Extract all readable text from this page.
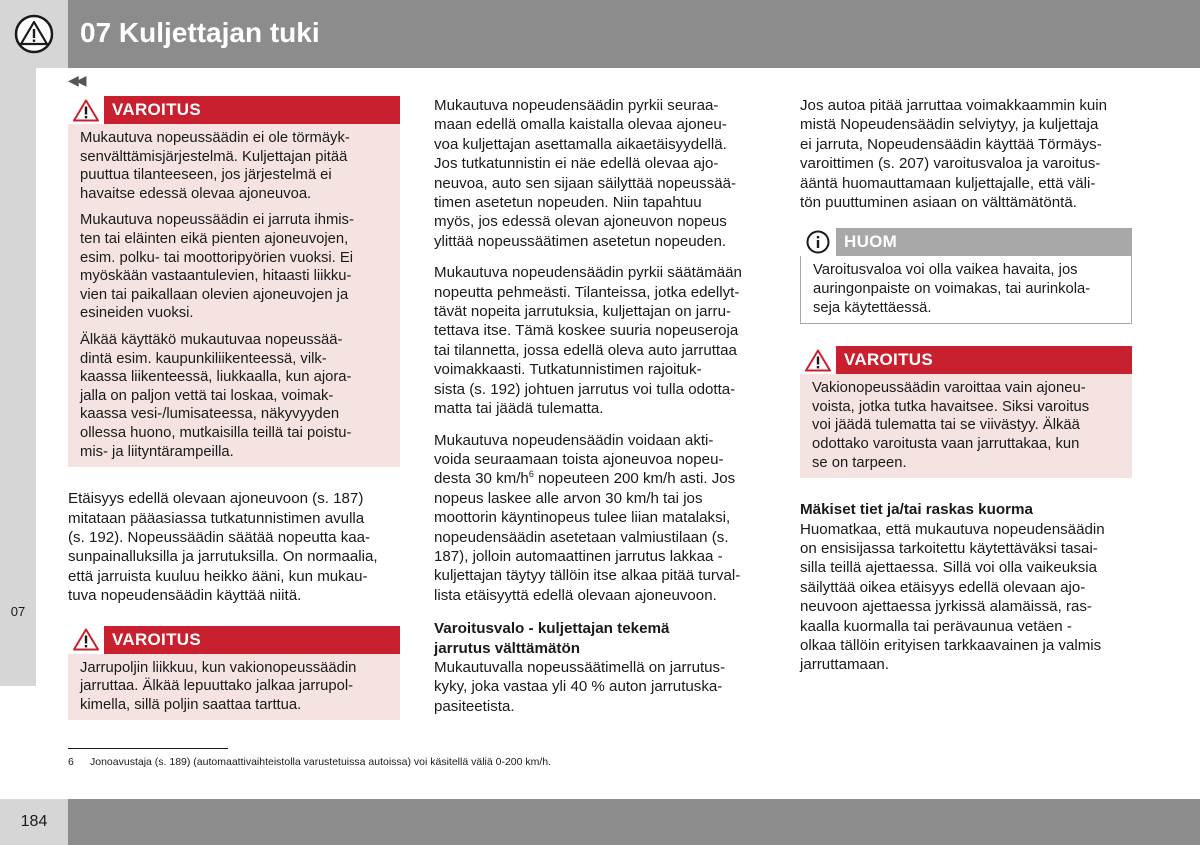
07 Kuljettajan tuki
07
◀◀
VAROITUS

Mukautuva nopeussäädin ei ole törmäyk-
senvälttämisjärjestelmä. Kuljettajan pitää
puuttua tilanteeseen, jos järjestelmä ei
havaitse edessä olevaa ajoneuvoa.

Mukautuva nopeussäädin ei jarruta ihmis-
ten tai eläinten eikä pienten ajoneuvojen,
esim. polku- tai moottoripyörien vuoksi. Ei
myöskään vastaantulevien, hitaasti liikku-
vien tai paikallaan olevien ajoneuvojen ja
esineiden vuoksi.

Älkää käyttäkö mukautuvaa nopeussää-
dintä esim. kaupunkiliikenteessä, vilk-
kaassa liikenteessä, liukkaalla, kun ajora-
jalla on paljon vettä tai loskaa, voimak-
kaassa vesi-/lumisateessa, näkyvyyden
ollessa huono, mutkaisilla teillä tai poistu-
mis- ja liityntärampeilla.

Etäisyys edellä olevaan ajoneuvoon (s. 187)
mitataan pääasiassa tutkatunnistimen avulla
(s. 192). Nopeussäädin säätää nopeutta kaa-
sunpainalluksilla ja jarrutuksilla. On normaalia,
että jarruista kuuluu heikko ääni, kun mukau-
tuva nopeudensäädin käyttää niitä.

VAROITUS

Jarrupoljin liikkuu, kun vakionopeussäädin
jarruttaa. Älkää lepuuttako jalkaa jarrupol-
kimella, sillä poljin saattaa tarttua.

Mukautuva nopeudensäädin pyrkii seuraa-
maan edellä omalla kaistalla olevaa ajoneu-
voa kuljettajan asettamalla aikaetäisyydellä.
Jos tutkatunnistin ei näe edellä olevaa ajo-
neuvoa, auto sen sijaan säilyttää nopeussää-
timen asetetun nopeuden. Niin tapahtuu
myös, jos edessä olevan ajoneuvon nopeus
ylittää nopeussäätimen asetetun nopeuden.

Mukautuva nopeudensäädin pyrkii säätämään
nopeutta pehmeästi. Tilanteissa, jotka edellyt-
tävät nopeita jarrutuksia, kuljettajan on jarru-
tettava itse. Tämä koskee suuria nopeuseroja
tai tilannetta, jossa edellä oleva auto jarruttaa
voimakkaasti. Tutkatunnistimen rajoituk-
sista (s. 192) johtuen jarrutus voi tulla odotta-
matta tai jäädä tulematta.

Mukautuva nopeudensäädin voidaan akti-
voida seuraamaan toista ajoneuvoa nopeu-
desta 30 $km/h^6$ nopeuteen 200 km/h asti. Jos
nopeus laskee alle arvon 30 km/h tai jos
moottorin käyntinopeus tulee liian matalaksi,
nopeudensäädin asetetaan valmiustilaan (s.
187), jolloin automaattinen jarrutus lakkaa -
kuljettajan täytyy tällöin itse alkaa pitää turval-
lista etäisyyttä edellä olevaan ajoneuvoon.

Varoitusvalo - kuljettajan tekemä
jarrutus välttämätön

Mukautuvalla nopeussäätimellä on jarrutus-
kyky, joka vastaa yli 40 % auton jarrutuska-
pasiteetista.

Jos autoa pitää jarruttaa voimakkaammin kuin
mistä Nopeudensäädin selviytyy, ja kuljettaja
ei jarruta, Nopeudensäädin käyttää Törmäys-
varoittimen (s. 207) varoitusvaloa ja varoitus-
ääntä huomauttamaan kuljettajalle, että väli-
tön puuttuminen asiaan on välttämätöntä.

HUOM

Varoitusvaloa voi olla vaikea havaita, jos
auringonpaiste on voimakas, tai aurinkola-
seja käytettäessä.

VAROITUS

Vakionopeussäädin varoittaa vain ajoneu-
voista, jotka tutka havaitsee. Siksi varoitus
voi jäädä tulematta tai se viivästyy. Älkää
odottako varoitusta vaan jarruttakaa, kun
se on tarpeen.

Mäkiset tiet ja/tai raskas kuorma

Huomatkaa, että mukautuva nopeudensäädin
on ensisijassa tarkoitettu käytettäväksi tasai-
silla teillä ajettaessa. Sillä voi olla vaikeuksia
säilyttää oikea etäisyys edellä olevaan ajo-
neuvoon ajettaessa jyrkissä alamäissä, ras-
kaalla kuormalla tai perävaunua vetäen -
olkaa tällöin erityisen tarkkaavainen ja valmis
jarruttamaan.

6 Jonoavustaja (s. 189) (automaattivaihteistolla varustetuissa autoissa) voi käsitellä väliä 0-200 km/h.
184
